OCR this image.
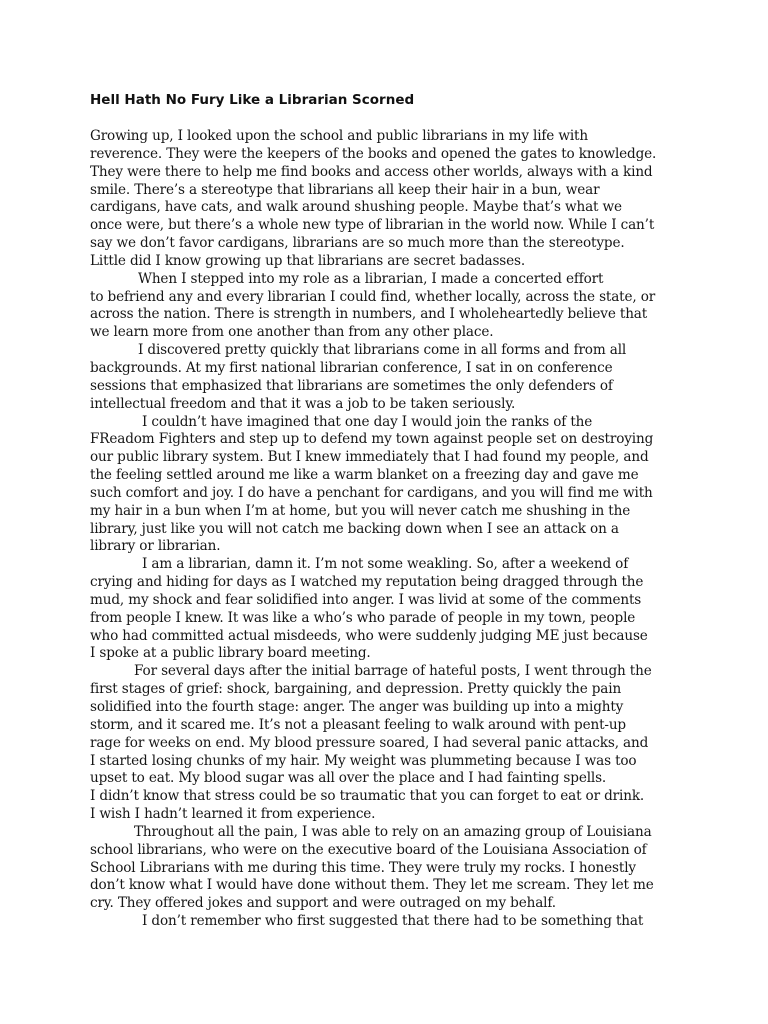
Hell Hath No Fury Like a Librarian Scorned
Growing up, I looked upon the school and public librarians in my life with
reverence. They were the keepers of the books and opened the gates to knowledge.
They were there to help me find books and access other worlds, always with a kind
smile. There’s a stereotype that librarians all keep their hair in a bun, wear
cardigans, have cats, and walk around shushing people. Maybe that’s what we
once were, but there’s a whole new type of librarian in the world now. While I can’t
say we don’t favor cardigans, librarians are so much more than the stereotype.
Little did I know growing up that librarians are secret badasses.
When I stepped into my role as a librarian, I made a concerted effort
to befriend any and every librarian I could find, whether locally, across the state, or
across the nation. There is strength in numbers, and I wholeheartedly believe that
we learn more from one another than from any other place.
I discovered pretty quickly that librarians come in all forms and from all
backgrounds. At my first national librarian conference, I sat in on conference
sessions that emphasized that librarians are sometimes the only defenders of
intellectual freedom and that it was a job to be taken seriously.
I couldn’t have imagined that one day I would join the ranks of the
FReadom Fighters and step up to defend my town against people set on destroying
our public library system. But I knew immediately that I had found my people, and
the feeling settled around me like a warm blanket on a freezing day and gave me
such comfort and joy. I do have a penchant for cardigans, and you will find me with
my hair in a bun when I’m at home, but you will never catch me shushing in the
library, just like you will not catch me backing down when I see an attack on a
library or librarian.
I am a librarian, damn it. I’m not some weakling. So, after a weekend of
crying and hiding for days as I watched my reputation being dragged through the
mud, my shock and fear solidified into anger. I was livid at some of the comments
from people I knew. It was like a who’s who parade of people in my town, people
who had committed actual misdeeds, who were suddenly judging ME just because
I spoke at a public library board meeting.
For several days after the initial barrage of hateful posts, I went through the
first stages of grief: shock, bargaining, and depression. Pretty quickly the pain
solidified into the fourth stage: anger. The anger was building up into a mighty
storm, and it scared me. It’s not a pleasant feeling to walk around with pent-up
rage for weeks on end. My blood pressure soared, I had several panic attacks, and
I started losing chunks of my hair. My weight was plummeting because I was too
upset to eat. My blood sugar was all over the place and I had fainting spells.
I didn’t know that stress could be so traumatic that you can forget to eat or drink.
I wish I hadn’t learned it from experience.
Throughout all the pain, I was able to rely on an amazing group of Louisiana
school librarians, who were on the executive board of the Louisiana Association of
School Librarians with me during this time. They were truly my rocks. I honestly
don’t know what I would have done without them. They let me scream. They let me
cry. They offered jokes and support and were outraged on my behalf.
I don’t remember who first suggested that there had to be something that
